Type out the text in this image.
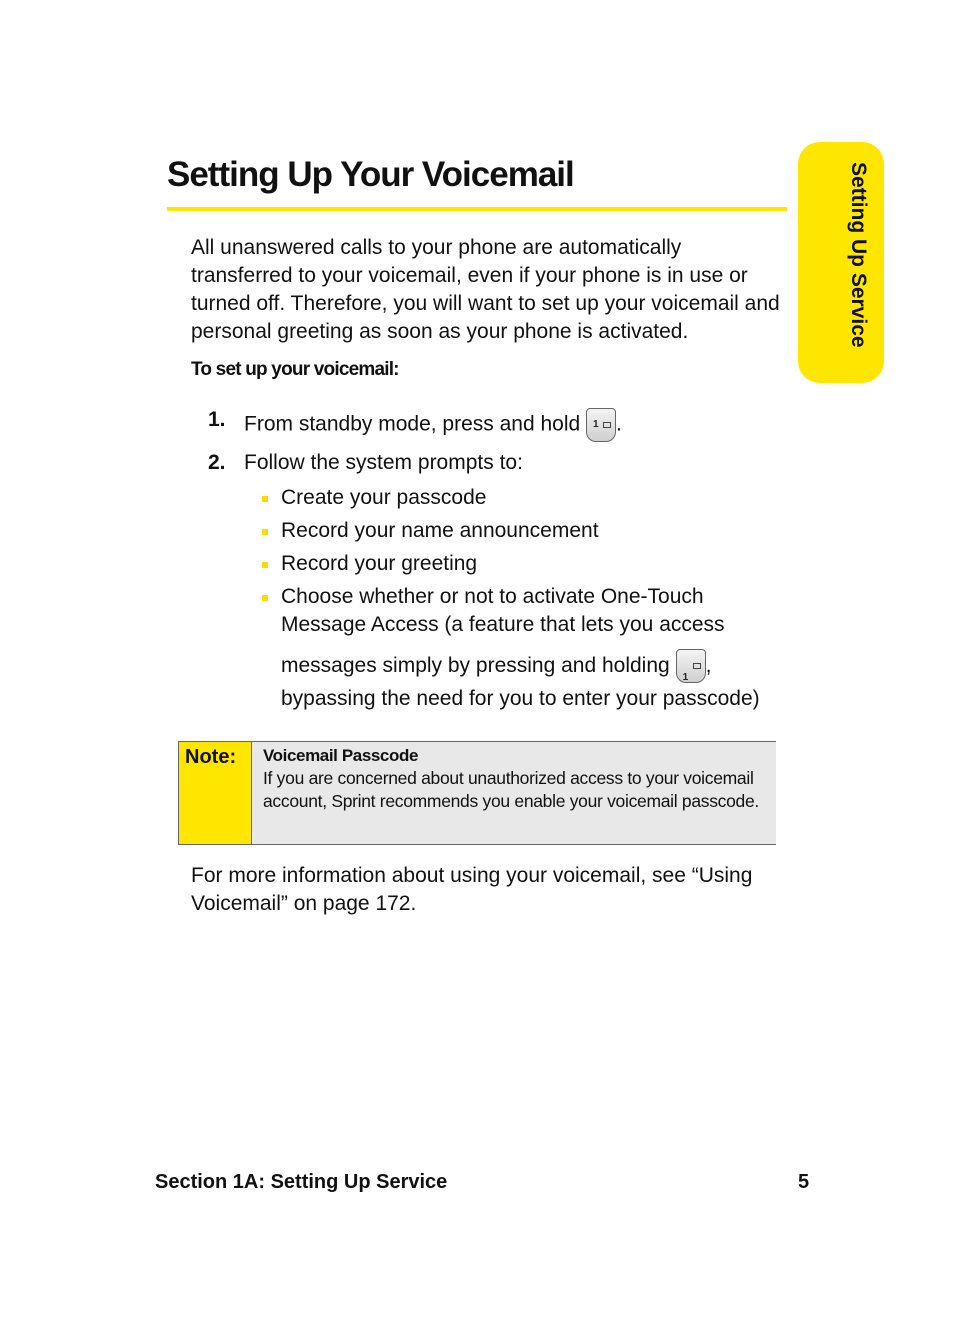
Setting Up Your Voicemail	Setting Up Service

All unanswered calls to your phone are automatically transferred to your voicemail, even if your phone is in use or turned off. Therefore, you will want to set up your voicemail and personal greeting as soon as your phone is activated.

To set up your voicemail:
1. From standby mode, press and hold 1 .
2. Follow the system prompts to:
Create your passcode
Record your name announcement
Record your greeting
Choose whether or not to activate One-Touch
Message Access (a feature that lets you access
messages simply by pressing and holding
1
,
bypassing the need for you to enter your passcode)
Note: Voicemail Passcode
If you are concerned about unauthorized access to your voicemail account, Sprint recommends you enable your voicemail passcode.

For more information about using your voicemail, see “Using Voicemail” on page 172.

Section 1A: Setting Up Service	5
